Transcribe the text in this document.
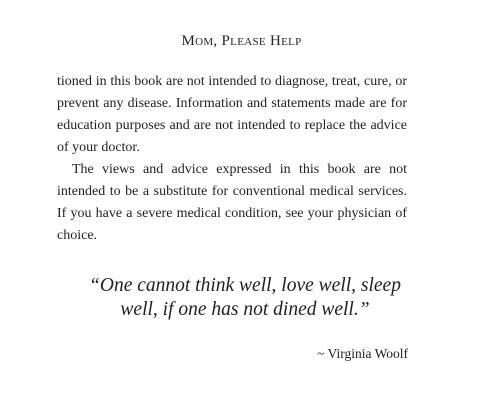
Mom, Please Help

tioned in this book are not intended to diagnose, treat, cure, or prevent any disease. Information and statements made are for education purposes and are not intended to replace the advice of your doctor.

The views and advice expressed in this book are not intended to be a substitute for conventional medical services. If you have a severe medical condition, see your physician of choice.

“One cannot think well, love well, sleep
well, if one has not dined well.”
~ Virginia Woolf
